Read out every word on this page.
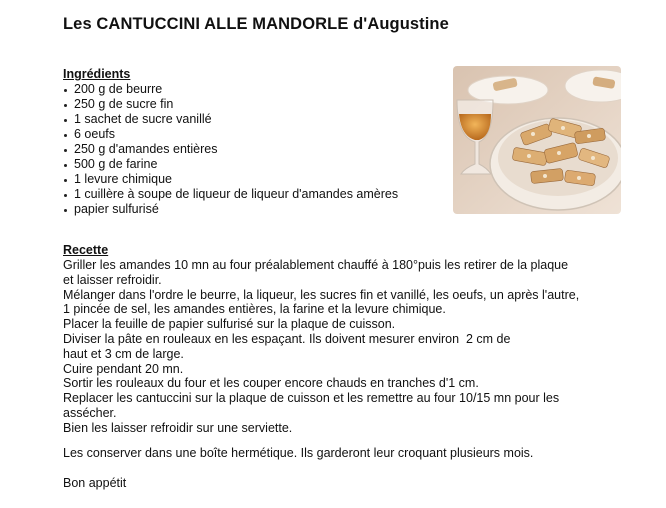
Les CANTUCCINI ALLE MANDORLE d'Augustine
Ingrédients
200 g de beurre
250 g de sucre fin
1 sachet de sucre vanillé
6 oeufs
250 g d'amandes entières
500 g de farine
1 levure chimique
1 cuillère à soupe de liqueur de liqueur d'amandes amères
papier sulfurisé
Recette
Griller les amandes 10 mn au four préalablement chauffé à 180°puis les retirer de la plaque
et laisser refroidir.
Mélanger dans l'ordre le beurre, la liqueur, les sucres fin et vanillé, les oeufs, un après l'autre,
1 pincée de sel, les amandes entières, la farine et la levure chimique.
Placer la feuille de papier sulfurisé sur la plaque de cuisson.
Diviser la pâte en rouleaux en les espaçant. Ils doivent mesurer environ  2 cm de
haut et 3 cm de large.
Cuire pendant 20 mn.
Sortir les rouleaux du four et les couper encore chauds en tranches d'1 cm.
Replacer les cantuccini sur la plaque de cuisson et les remettre au four 10/15 mn pour les
assécher.
Bien les laisser refroidir sur une serviette.
Les conserver dans une boîte hermétique. Ils garderont leur croquant plusieurs mois.
Bon appétit
